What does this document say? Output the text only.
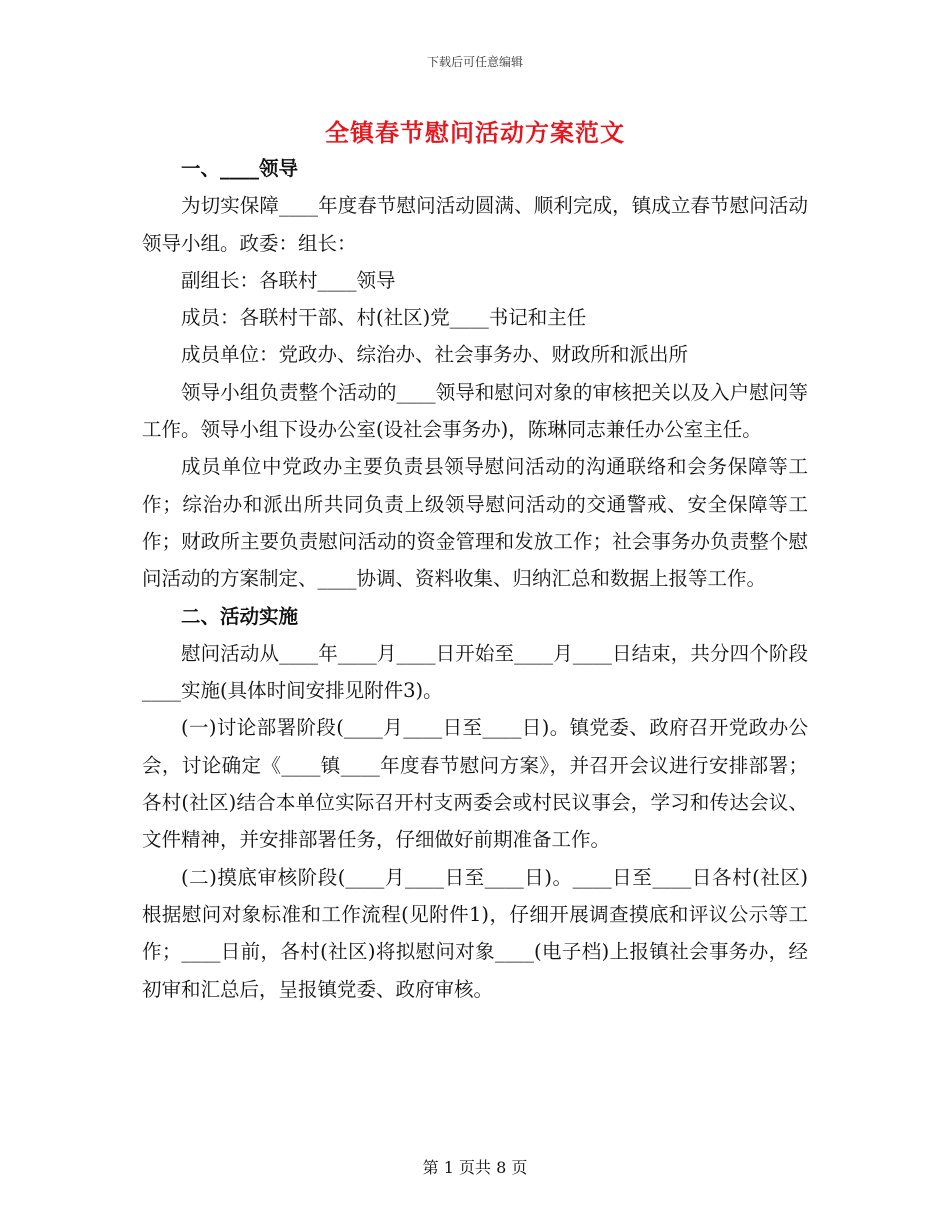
下载后可任意编辑
全镇春节慰问活动方案范文

一、____领导

为切实保障____年度春节慰问活动圆满、顺利完成，镇成立春节慰问活动领导小组。政委：组长：

副组长：各联村____领导

成员：各联村干部、村(社区)党____书记和主任

成员单位：党政办、综治办、社会事务办、财政所和派出所

领导小组负责整个活动的____领导和慰问对象的审核把关以及入户慰问等工作。领导小组下设办公室(设社会事务办)，陈琳同志兼任办公室主任。

成员单位中党政办主要负责县领导慰问活动的沟通联络和会务保障等工作；综治办和派出所共同负责上级领导慰问活动的交通警戒、安全保障等工作；财政所主要负责慰问活动的资金管理和发放工作；社会事务办负责整个慰问活动的方案制定、____协调、资料收集、归纳汇总和数据上报等工作。

二、活动实施

慰问活动从____年____月____日开始至____月____日结束，共分四个阶段____实施(具体时间安排见附件3)。

(一)讨论部署阶段(____月____日至____日)。镇党委、政府召开党政办公会，讨论确定《____镇____年度春节慰问方案》，并召开会议进行安排部署；各村(社区)结合本单位实际召开村支两委会或村民议事会，学习和传达会议、文件精神，并安排部署任务，仔细做好前期准备工作。

(二)摸底审核阶段(____月____日至____日)。____日至____日各村(社区)根据慰问对象标准和工作流程(见附件1)，仔细开展调查摸底和评议公示等工作；____日前，各村(社区)将拟慰问对象____(电子档)上报镇社会事务办，经初审和汇总后，呈报镇党委、政府审核。

第 1 页共 8 页
